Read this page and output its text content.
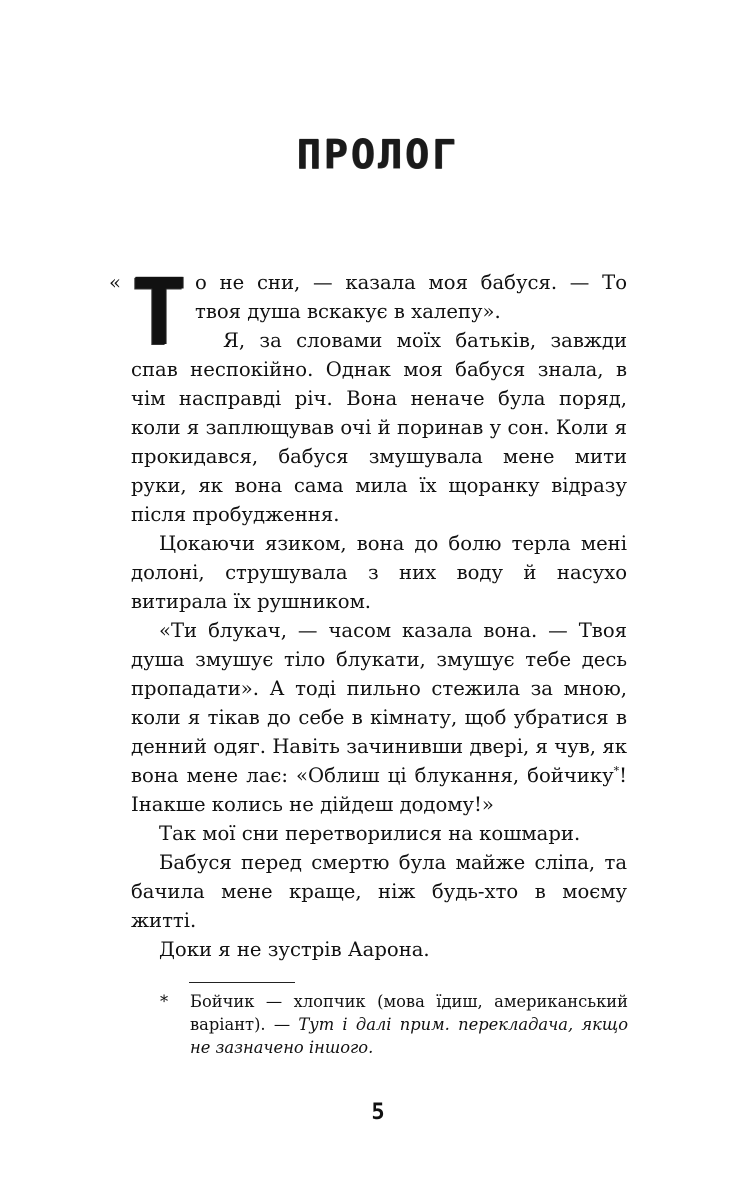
ПРОЛОГ
« То не сни, — казала моя бабуся. — То твоя душа вскакує в халепу».

Я, за словами моїх батьків, завжди спав неспокійно. Однак моя бабуся знала, в чім насправді річ. Вона неначе була поряд, коли я заплющував очі й поринав у сон. Коли я прокидався, бабуся змушувала мене мити руки, як вона сама мила їх щоранку відразу після пробудження.

Цокаючи язиком, вона до болю терла мені долоні, струшувала з них воду й насухо витирала їх рушником.

«Ти блукач, — часом казала вона. — Твоя душа змушує тіло блукати, змушує тебе десь пропадати». А тоді пильно стежила за мною, коли я тікав до себе в кімнату, щоб убратися в денний одяг. Навіть зачинивши двері, я чув, як вона мене лає: «Облиш ці блукання, бойчику*! Інакше колись не дійдеш додому!»

Так мої сни перетворилися на кошмари.

Бабуся перед смертю була майже сліпа, та бачила мене краще, ніж будь-хто в моєму житті.

Доки я не зустрів Аарона.

* Бойчик — хлопчик (мова їдиш, американський варіант). — Тут і далі прим. перекладача, якщо не зазначено іншого.
5
